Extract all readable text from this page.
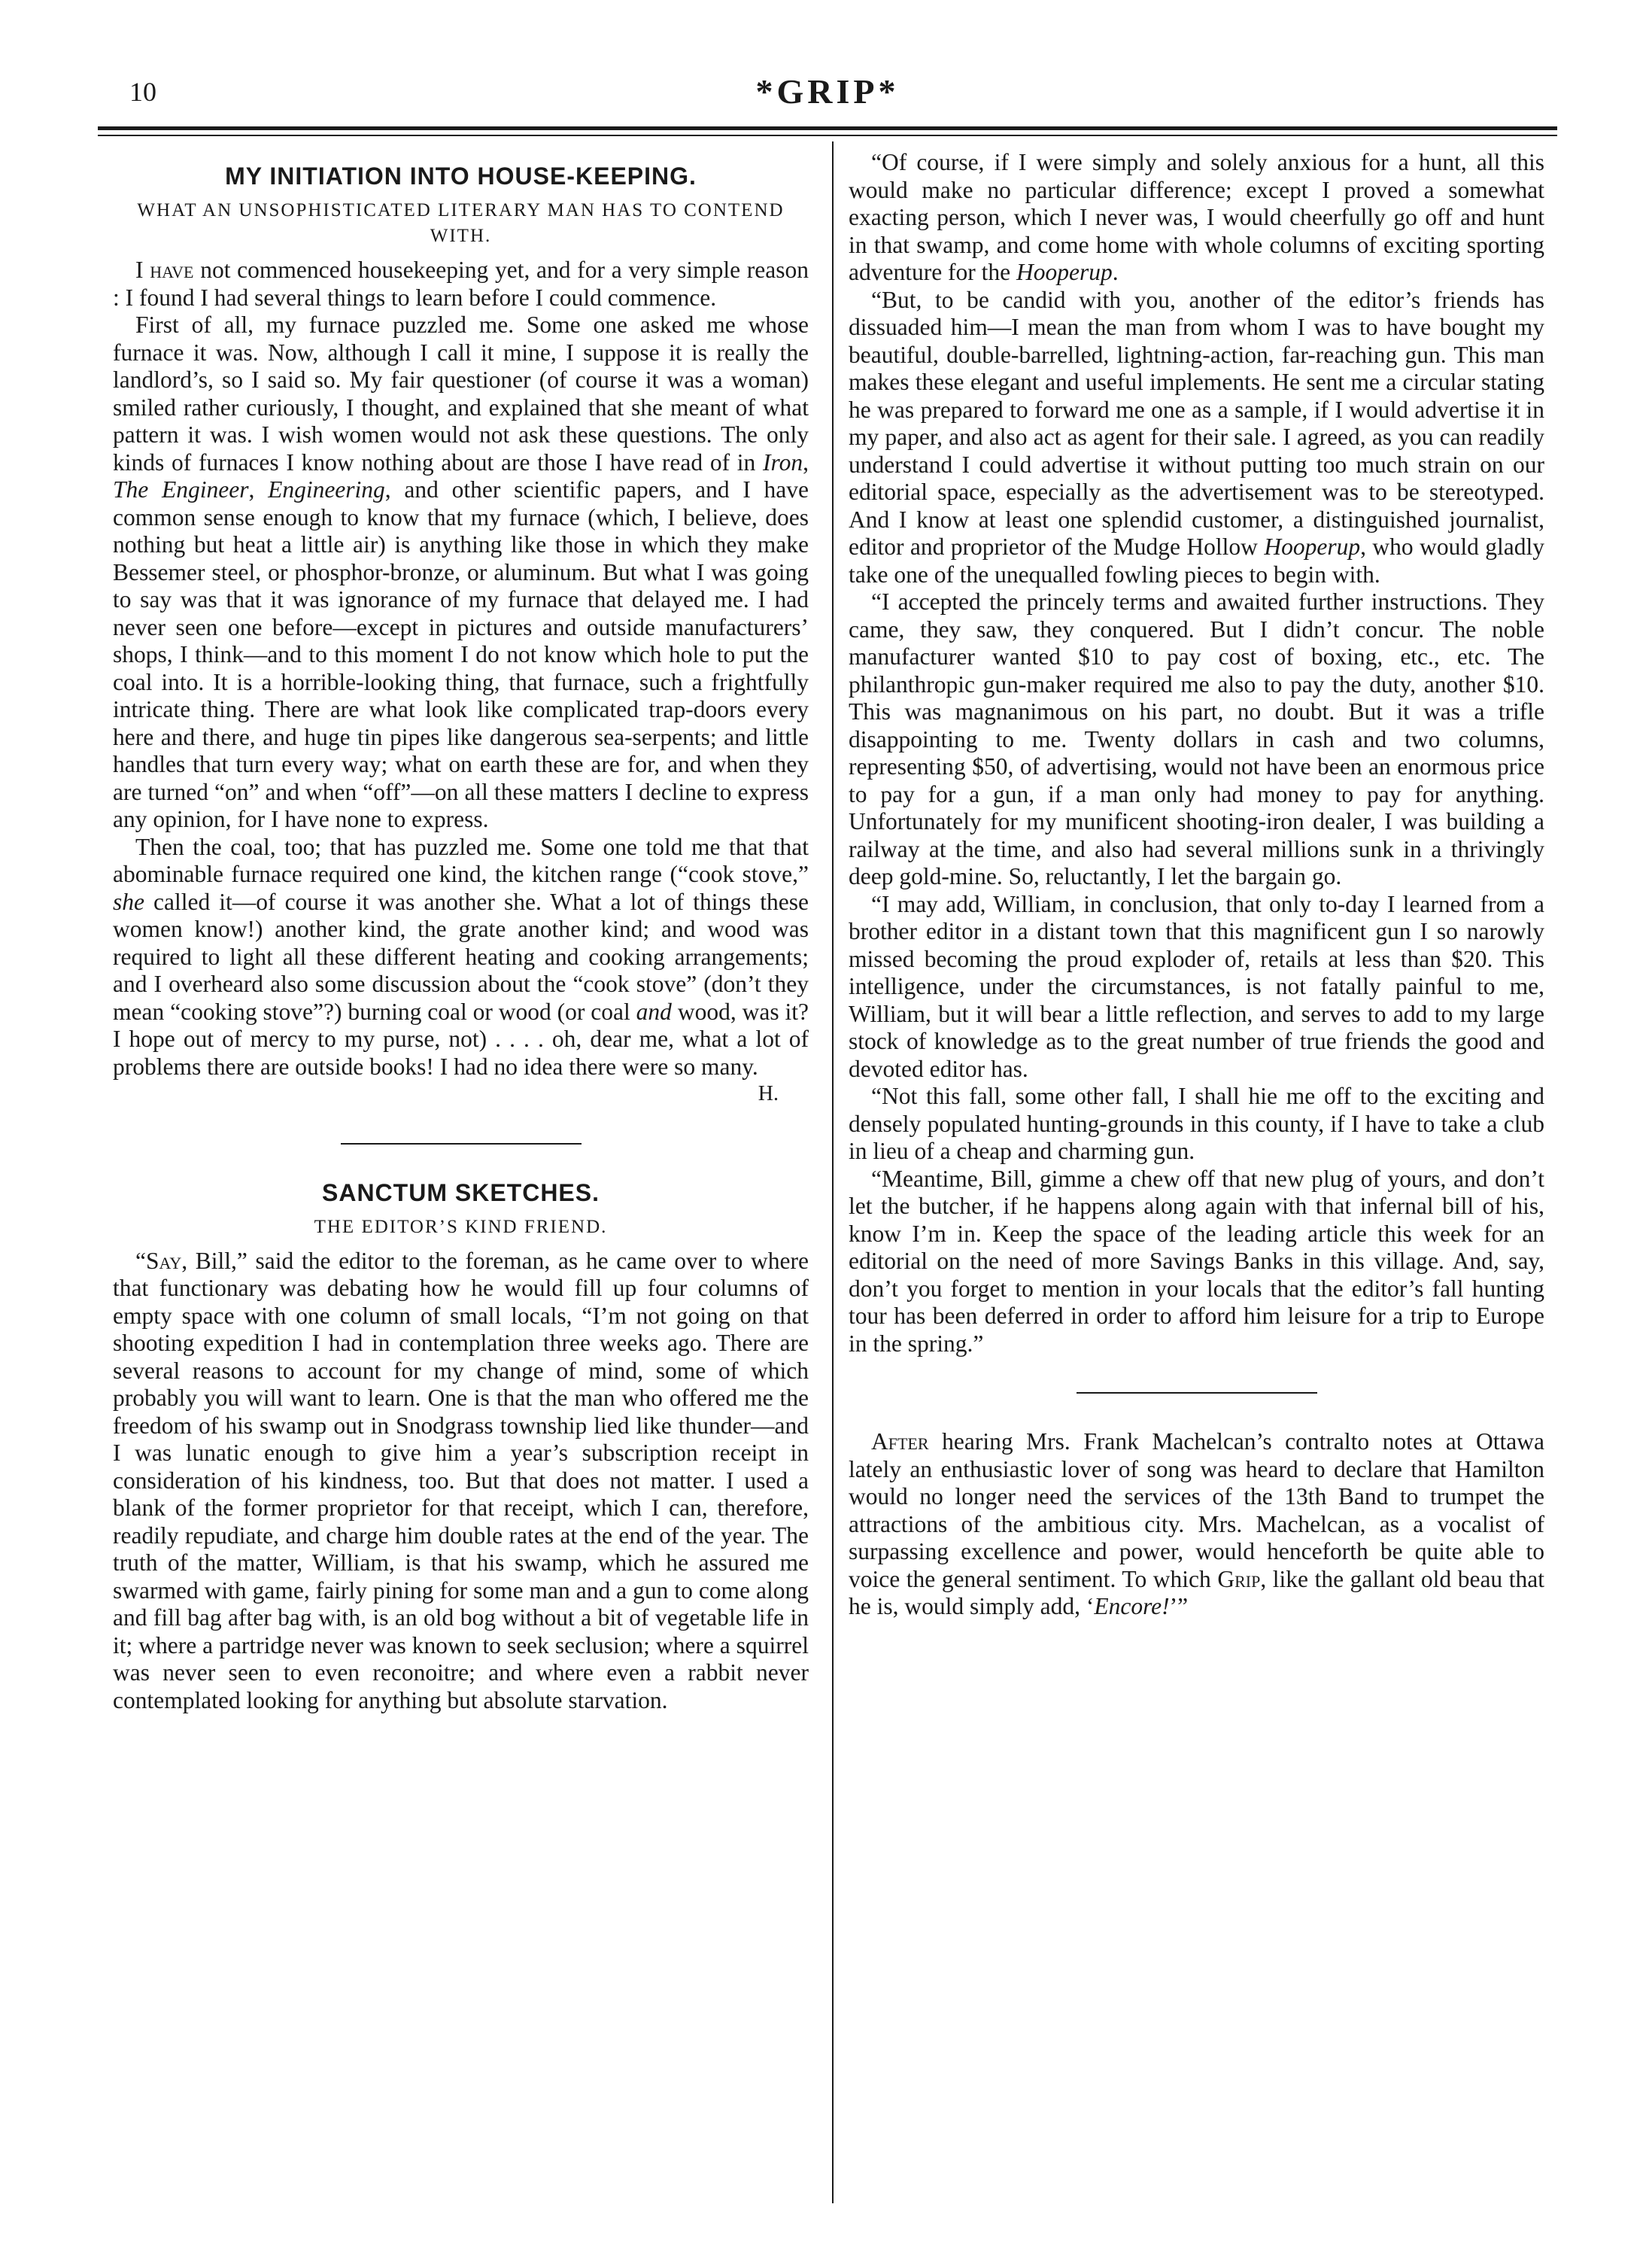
10	*GRIP*
MY INITIATION INTO HOUSE-KEEPING.
WHAT AN UNSOPHISTICATED LITERARY MAN HAS TO CONTEND WITH.

I have not commenced housekeeping yet, and for a very simple reason : I found I had several things to learn before I could commence.

First of all, my furnace puzzled me. Some one asked me whose furnace it was. Now, although I call it mine, I suppose it is really the landlord’s, so I said so. My fair questioner (of course it was a woman) smiled rather curiously, I thought, and explained that she meant of what pattern it was. I wish women would not ask these questions. The only kinds of furnaces I know nothing about are those I have read of in Iron, The Engineer, Engineering, and other scientific papers, and I have common sense enough to know that my furnace (which, I believe, does nothing but heat a little air) is anything like those in which they make Bessemer steel, or phosphor-bronze, or aluminum. But what I was going to say was that it was ignorance of my furnace that delayed me. I had never seen one before—except in pictures and outside manufacturers’ shops, I think—and to this moment I do not know which hole to put the coal into. It is a horrible-looking thing, that furnace, such a frightfully intricate thing. There are what look like complicated trap-doors every here and there, and huge tin pipes like dangerous sea-serpents; and little handles that turn every way; what on earth these are for, and when they are turned “on” and when “off”—on all these matters I decline to express any opinion, for I have none to express.

Then the coal, too; that has puzzled me. Some one told me that that abominable furnace required one kind, the kitchen range (“cook stove,” she called it—of course it was another she. What a lot of things these women know!) another kind, the grate another kind; and wood was required to light all these different heating and cooking arrangements; and I overheard also some discussion about the “cook stove” (don’t they mean “cooking stove”?) burning coal or wood (or coal and wood, was it? I hope out of mercy to my purse, not) . . . . oh, dear me, what a lot of problems there are outside books! I had no idea there were so many.

H.

SANCTUM SKETCHES.
THE EDITOR’S KIND FRIEND.

“Say, Bill,” said the editor to the foreman, as he came over to where that functionary was debating how he would fill up four columns of empty space with one column of small locals, “I’m not going on that shooting expedition I had in contemplation three weeks ago. There are several reasons to account for my change of mind, some of which probably you will want to learn. One is that the man who offered me the freedom of his swamp out in Snodgrass township lied like thunder—and I was lunatic enough to give him a year’s subscription receipt in consideration of his kindness, too. But that does not matter. I used a blank of the former proprietor for that receipt, which I can, therefore, readily repudiate, and charge him double rates at the end of the year. The truth of the matter, William, is that his swamp, which he assured me swarmed with game, fairly pining for some man and a gun to come along and fill bag after bag with, is an old bog without a bit of vegetable life in it; where a partridge never was known to seek seclusion; where a squirrel was never seen to even reconoitre; and where even a rabbit never contemplated looking for anything but absolute starvation.

“Of course, if I were simply and solely anxious for a hunt, all this would make no particular difference; except I proved a somewhat exacting person, which I never was, I would cheerfully go off and hunt in that swamp, and come home with whole columns of exciting sporting adventure for the Hooperup.

“But, to be candid with you, another of the editor’s friends has dissuaded him—I mean the man from whom I was to have bought my beautiful, double-barrelled, lightning-action, far-reaching gun. This man makes these elegant and useful implements. He sent me a circular stating he was prepared to forward me one as a sample, if I would advertise it in my paper, and also act as agent for their sale. I agreed, as you can readily understand I could advertise it without putting too much strain on our editorial space, especially as the advertisement was to be stereotyped. And I know at least one splendid customer, a distinguished journalist, editor and proprietor of the Mudge Hollow Hooperup, who would gladly take one of the unequalled fowling pieces to begin with.

“I accepted the princely terms and awaited further instructions. They came, they saw, they conquered. But I didn’t concur. The noble manufacturer wanted $10 to pay cost of boxing, etc., etc. The philanthropic gun-maker required me also to pay the duty, another $10. This was magnanimous on his part, no doubt. But it was a trifle disappointing to me. Twenty dollars in cash and two columns, representing $50, of advertising, would not have been an enormous price to pay for a gun, if a man only had money to pay for anything. Unfortunately for my munificent shooting-iron dealer, I was building a railway at the time, and also had several millions sunk in a thrivingly deep gold-mine. So, reluctantly, I let the bargain go.

“I may add, William, in conclusion, that only to-day I learned from a brother editor in a distant town that this magnificent gun I so narowly missed becoming the proud exploder of, retails at less than $20. This intelligence, under the circumstances, is not fatally painful to me, William, but it will bear a little reflection, and serves to add to my large stock of knowledge as to the great number of true friends the good and devoted editor has.

“Not this fall, some other fall, I shall hie me off to the exciting and densely populated hunting-grounds in this county, if I have to take a club in lieu of a cheap and charming gun.

“Meantime, Bill, gimme a chew off that new plug of yours, and don’t let the butcher, if he happens along again with that infernal bill of his, know I’m in. Keep the space of the leading article this week for an editorial on the need of more Savings Banks in this village. And, say, don’t you forget to mention in your locals that the editor’s fall hunting tour has been deferred in order to afford him leisure for a trip to Europe in the spring.”

After hearing Mrs. Frank Machelcan’s contralto notes at Ottawa lately an enthusiastic lover of song was heard to declare that Hamilton would no longer need the services of the 13th Band to trumpet the attractions of the ambitious city. Mrs. Machelcan, as a vocalist of surpassing excellence and power, would henceforth be quite able to voice the general sentiment. To which Grip, like the gallant old beau that he is, would simply add, ‘Encore!’”
